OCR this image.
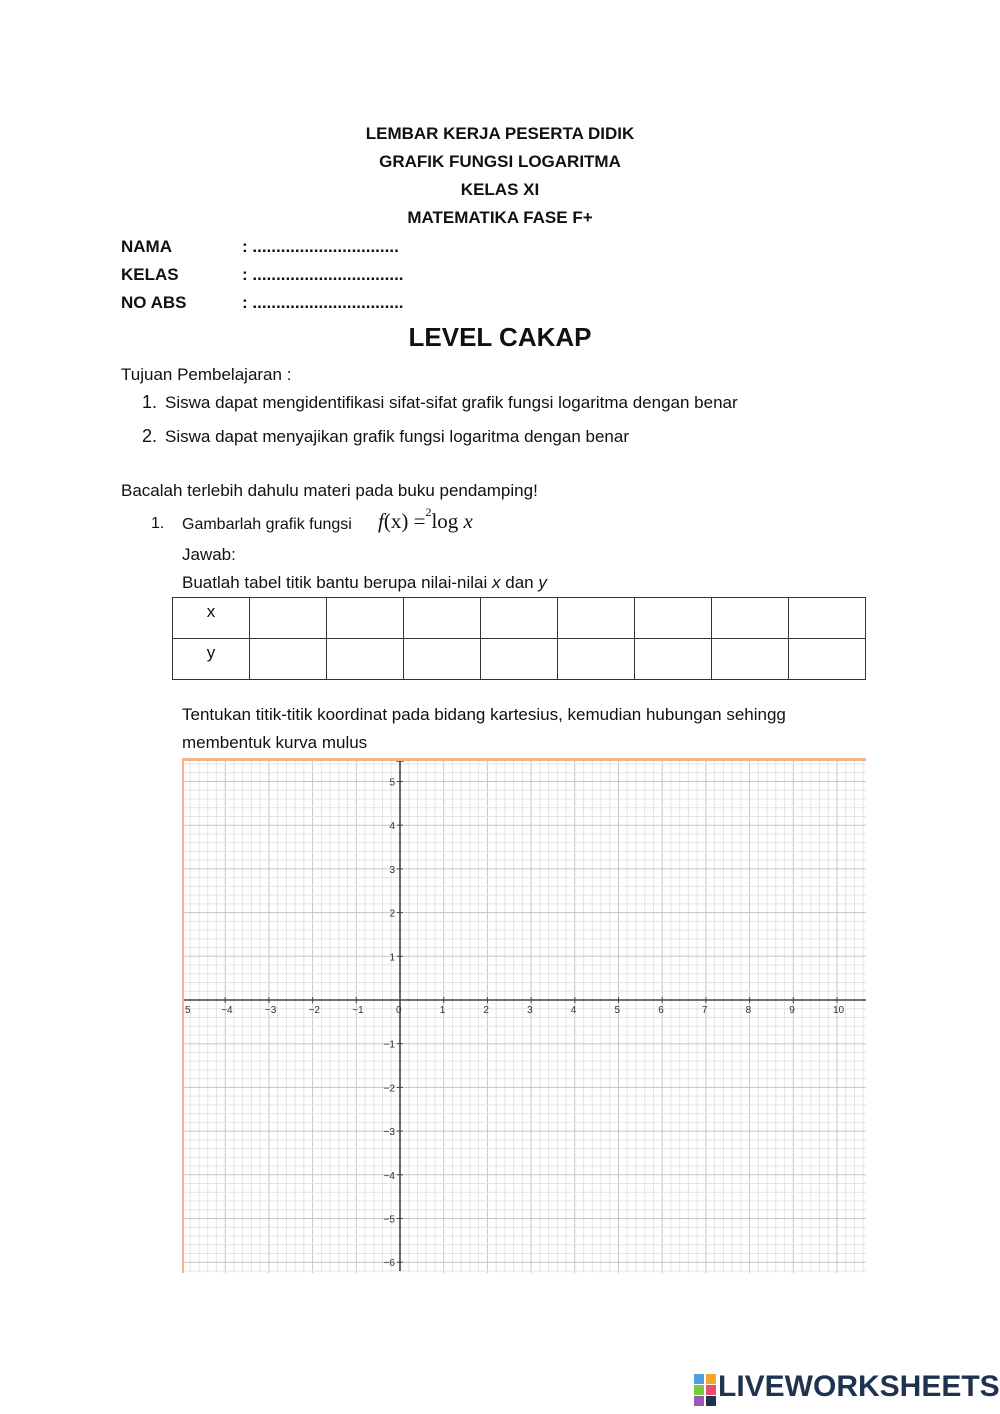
LEMBAR KERJA PESERTA DIDIK
GRAFIK FUNGSI LOGARITMA
KELAS XI
MATEMATIKA FASE F+
NAMA	: ...............................
KELAS	: ................................
NO ABS	: ................................
LEVEL CAKAP
Tujuan Pembelajaran :
1. Siswa dapat mengidentifikasi sifat-sifat grafik fungsi logaritma dengan benar
2. Siswa dapat menyajikan grafik fungsi logaritma dengan benar
Bacalah terlebih dahulu materi pada buku pendamping!
1. Gambarlah grafik fungsi f(x) =$^2$log x
Jawab:
Buatlah tabel titik bantu berupa nilai-nilai x dan y
x								
y								
Tentukan titik-titik koordinat pada bidang kartesius, kemudian hubungan sehingg
membentuk kurva mulus
5	−4	−3	−2	−1	0	1	2	3	4	5	6	7	8	9	10
5
4
3
2
1
−1
−2
−3
−4
−5
−6
LIVEWORKSHEETS
